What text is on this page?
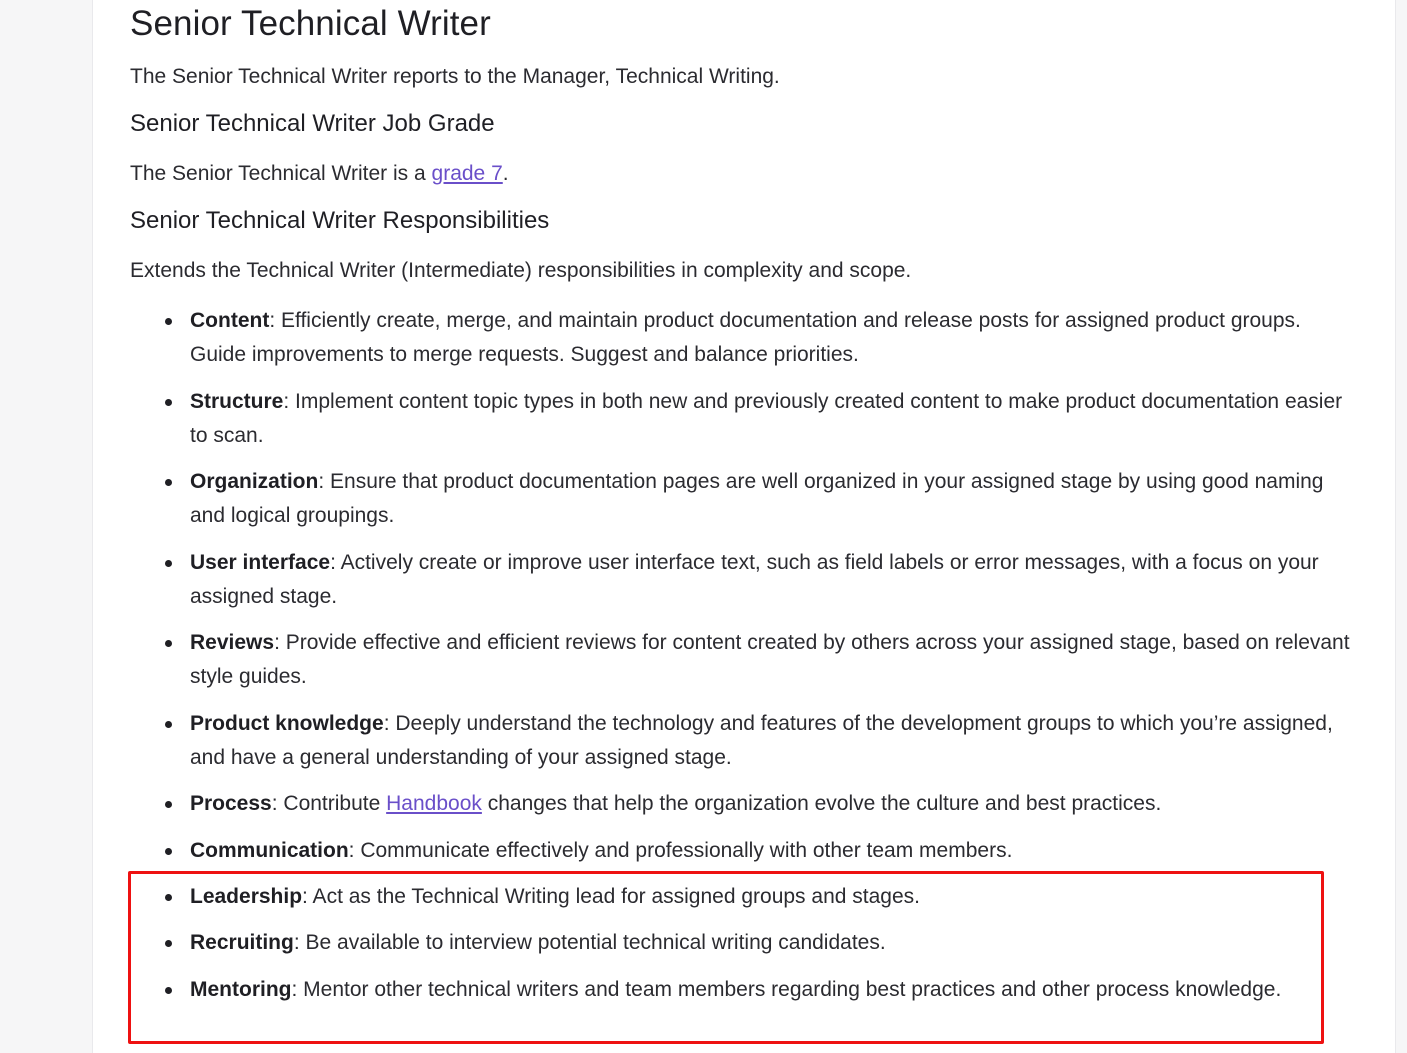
Senior Technical Writer

The Senior Technical Writer reports to the Manager, Technical Writing.

Senior Technical Writer Job Grade

The Senior Technical Writer is a grade 7.

Senior Technical Writer Responsibilities

Extends the Technical Writer (Intermediate) responsibilities in complexity and scope.

Content: Efficiently create, merge, and maintain product documentation and release posts for assigned product groups. Guide improvements to merge requests. Suggest and balance priorities.
Structure: Implement content topic types in both new and previously created content to make product documentation easier to scan.
Organization: Ensure that product documentation pages are well organized in your assigned stage by using good naming and logical groupings.
User interface: Actively create or improve user interface text, such as field labels or error messages, with a focus on your assigned stage.
Reviews: Provide effective and efficient reviews for content created by others across your assigned stage, based on relevant style guides.
Product knowledge: Deeply understand the technology and features of the development groups to which you’re assigned, and have a general understanding of your assigned stage.
Process: Contribute Handbook changes that help the organization evolve the culture and best practices.
Communication: Communicate effectively and professionally with other team members.
Leadership: Act as the Technical Writing lead for assigned groups and stages.
Recruiting: Be available to interview potential technical writing candidates.
Mentoring: Mentor other technical writers and team members regarding best practices and other process knowledge.
